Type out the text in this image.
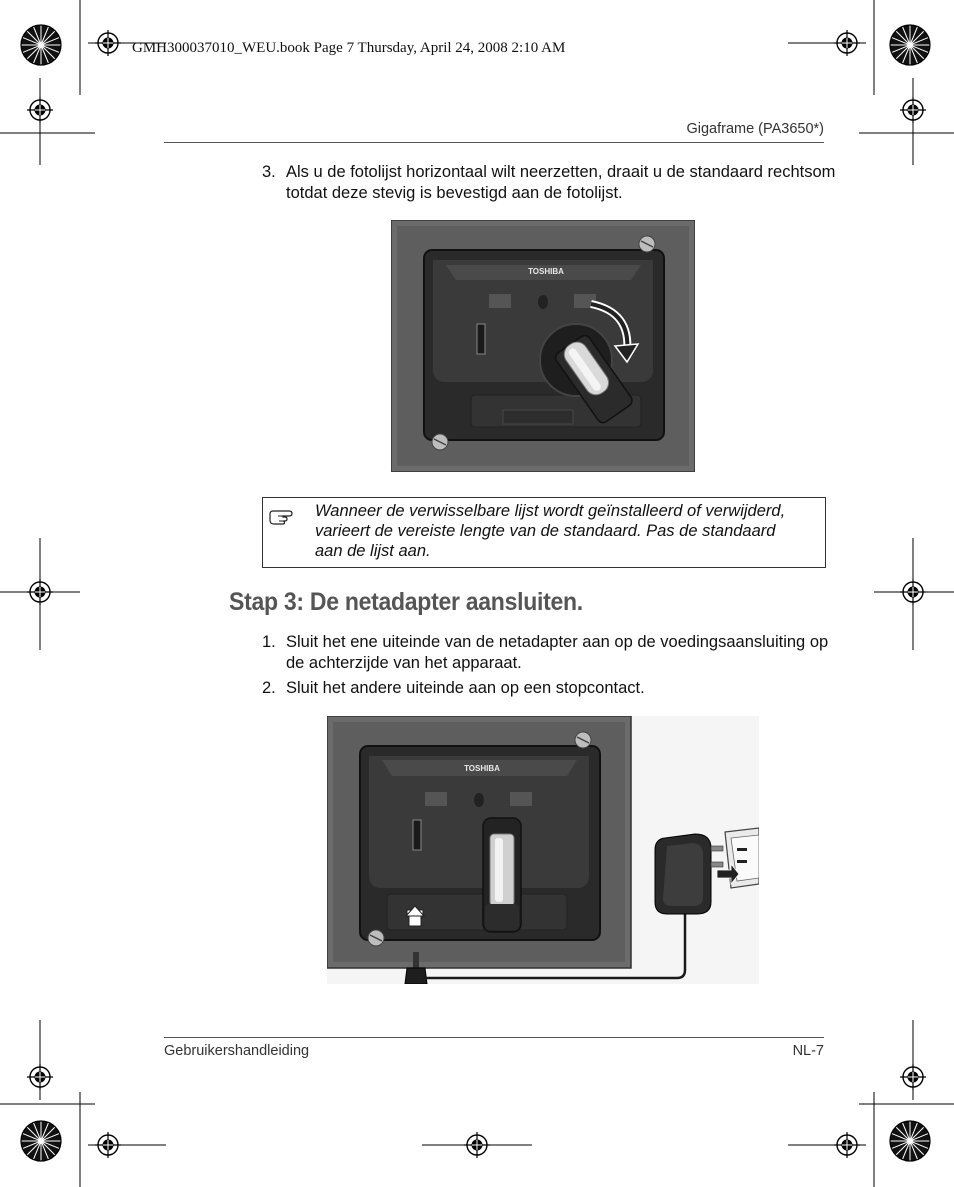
GMH300037010_WEU.book Page 7 Thursday, April 24, 2008 2:10 AM
Gigaframe (PA3650*)
3. Als u de fotolijst horizontaal wilt neerzetten, draait u de standaard rechtsom totdat deze stevig is bevestigd aan de fotolijst.
TOSHIBA
Wanneer de verwisselbare lijst wordt geïnstalleerd of verwijderd, varieert de vereiste lengte van de standaard. Pas de standaard aan de lijst aan.
Stap 3: De netadapter aansluiten.
1. Sluit het ene uiteinde van de netadapter aan op de voedingsaansluiting op de achterzijde van het apparaat.
2. Sluit het andere uiteinde aan op een stopcontact.
TOSHIBA
Gebruikershandleiding	NL-7
